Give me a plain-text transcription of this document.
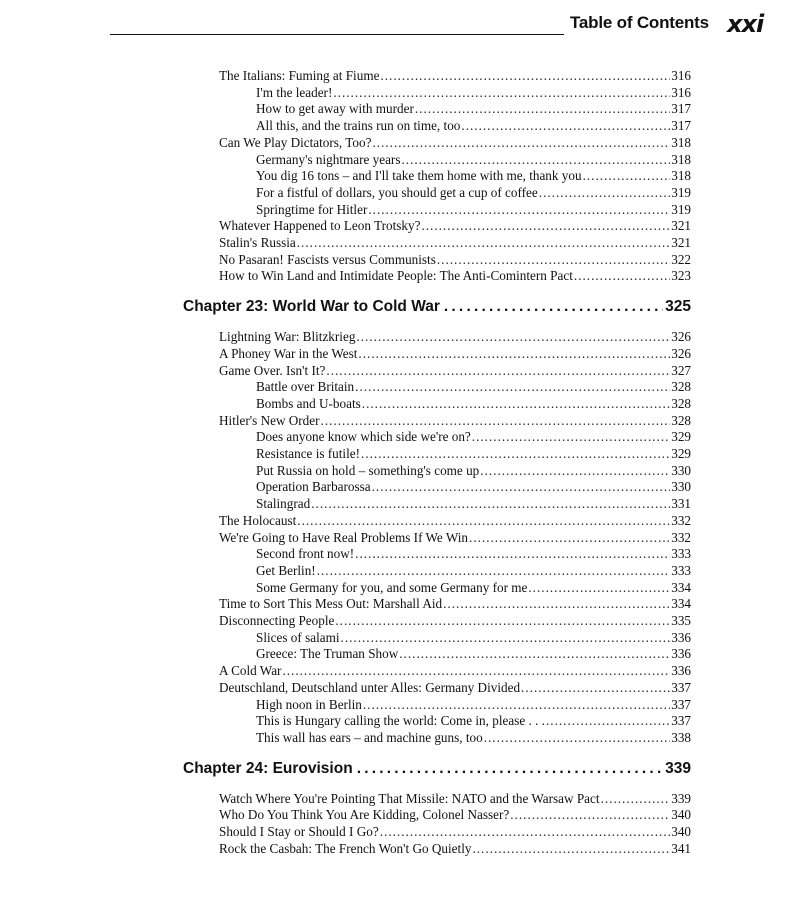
Table of Contents xxi
The Italians: Fuming at Fiume .....	316
I'm the leader! .....	316
How to get away with murder .....	317
All this, and the trains run on time, too .....	317
Can We Play Dictators, Too? .....	318
Germany's nightmare years .....	318
You dig 16 tons – and I'll take them home with me, thank you .....	318
For a fistful of dollars, you should get a cup of coffee .....	319
Springtime for Hitler .....	319
Whatever Happened to Leon Trotsky? .....	321
Stalin's Russia .....	321
No Pasaran! Fascists versus Communists .....	322
How to Win Land and Intimidate People: The Anti-Comintern Pact .....	323
Chapter 23: World War to Cold War .....	325
Lightning War: Blitzkrieg .....	326
A Phoney War in the West .....	326
Game Over. Isn't It? .....	327
Battle over Britain .....	328
Bombs and U-boats .....	328
Hitler's New Order .....	328
Does anyone know which side we're on? .....	329
Resistance is futile! .....	329
Put Russia on hold – something's come up .....	330
Operation Barbarossa .....	330
Stalingrad .....	331
The Holocaust .....	332
We're Going to Have Real Problems If We Win .....	332
Second front now! .....	333
Get Berlin! .....	333
Some Germany for you, and some Germany for me .....	334
Time to Sort This Mess Out: Marshall Aid .....	334
Disconnecting People .....	335
Slices of salami .....	336
Greece: The Truman Show .....	336
A Cold War .....	336
Deutschland, Deutschland unter Alles: Germany Divided .....	337
High noon in Berlin .....	337
This is Hungary calling the world: Come in, please . . . .....	337
This wall has ears – and machine guns, too .....	338
Chapter 24: Eurovision .....	339
Watch Where You're Pointing That Missile: NATO and the Warsaw Pact .....	339
Who Do You Think You Are Kidding, Colonel Nasser? .....	340
Should I Stay or Should I Go? .....	340
Rock the Casbah: The French Won't Go Quietly .....	341
